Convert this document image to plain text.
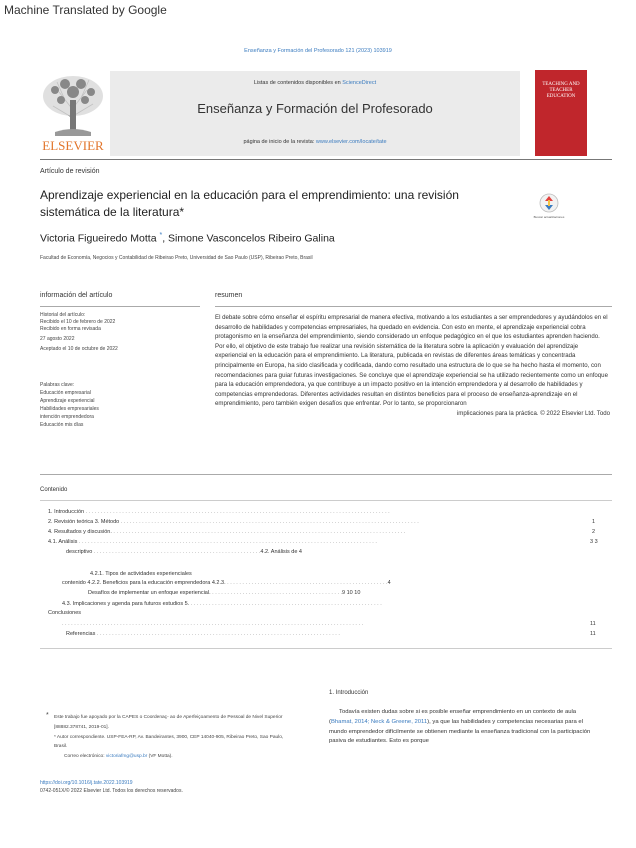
Machine Translated by Google
Enseñanza y Formación del Profesorado 121 (2023) 103919
ELSEVIER
Listas de contenidos disponibles en ScienceDirect
Enseñanza y Formación del Profesorado
página de inicio de la revista: www.elsevier.com/locate/tate
TEACHING AND TEACHER EDUCATION
Artículo de revisión
Aprendizaje experiencial en la educación para el emprendimiento: una revisión sistemática de la literatura*	Buscar actualizaciones
Victoria Figueiredo Motta *, Simone Vasconcelos Ribeiro Galina
Facultad de Economía, Negocios y Contabilidad de Ribeirao Preto, Universidad de Sao Paulo (USP), Ribeirao Preto, Brasil
información del artículo
Historial del artículo:
Recibido el 10 de febrero de 2022
Recibido en forma revisada
27 agosto 2022
Aceptado el 10 de octubre de 2022
Palabras clave:
Educación empresarial
Aprendizaje experiencial
Habilidades empresariales
intención emprendedora
Educación mis días
resumen
El debate sobre cómo enseñar el espíritu empresarial de manera efectiva, motivando a los estudiantes a ser emprendedores y ayudándolos en el desarrollo de habilidades y competencias empresariales, ha quedado en evidencia. Con esto en mente, el aprendizaje experiencial cobra protagonismo en la enseñanza del emprendimiento, siendo considerado un enfoque pedagógico en el que los estudiantes aprenden haciendo. Por ello, el objetivo de este trabajo fue realizar una revisión sistemática de la literatura sobre la aplicación y evaluación del aprendizaje experiencial en la educación para el emprendimiento. La literatura, publicada en revistas de diferentes áreas temáticas y concentrada principalmente en Europa, ha sido clasificada y codificada, dando como resultado una estructura de lo que se ha hecho hasta el momento, con recomendaciones para guiar futuras investigaciones. Se concluye que el aprendizaje experiencial se ha utilizado recientemente como un enfoque para la educación emprendedora, ya que contribuye a un impacto positivo en la intención emprendedora y al desarrollo de habilidades y competencias emprendedoras. Diferentes actividades resultan en distintos beneficios para el proceso de enseñanza-aprendizaje en el emprendimiento, pero también exigen desafíos que enfrentar. Por lo tanto, se proporcionaron
implicaciones para la práctica. © 2022 Elsevier Ltd. Todo
Contenido
1. Introducción . . . . . . . . . . . . . . . . . . . . . . . . . . . . . . . . . . . . . . . . . . . . . . . . . . . . . . . . . . . . . . . . . . . . . . . . . . . . . . . . . . . . . . . . . . . . . . . . . . . .
2. Revisión teórica 3. Método . . . . . . . . . . . . . . . . . . . . . . . . . . . . . . . . . . . . . . . . . . . . . . . . . . . . . . . . . . . . . . . . . . . . . . . . . . . . . . . . . . . . . . . . . . . . . . . . . .	1
4. Resultados y discusión. . . . . . . . . . . . . . . . . . . . . . . . . . . . . . . . . . . . . . . . . . . . . . . . . . . . . . . . . . . . . . . . . . . . . . . . . . . . . . . . . . . . . . . . . . . . . . . . .	2
4.1. Análisis . . . . . . . . . . . . . . . . . . . . . . . . . . . . . . . . . . . . . . . . . . . . . . . . . . . . . . . . . . . . . . . . . . . . . . . . . . . . . . . . . . . . . . . . . . . . . . . . . .	3 3
descriptivo . . . . . . . . . . . . . . . . . . . . . . . . . . . . . . . . . . . . . . . . . . . . . . . . . . . . . . .4.2. Análisis de 4
4.2.1. Tipos de actividades experienciales
contenido 4.2.2. Beneficios para la educación emprendedora 4.2.3. . . . . . . . . . . . . . . . . . . . . . . . . . . . . . . . . . . . . . . . . . . . . . . . . . . . . .4
Desafíos de implementar un enfoque experiencial. . . . . . . . . . . . . . . . . . . . . . . . . . . . . . . . . . . . . . . . . . . .9 10 10
4.3. Implicaciones y agenda para futuros estudios 5. . . . . . . . . . . . . . . . . . . . . . . . . . . . . . . . . . . . . . . . . . . . . . . . . . . . . . . . . . . . . . . .
Conclusiones
. . . . . . . . . . . . . . . . . . . . . . . . . . . . . . . . . . . . . . . . . . . . . . . . . . . . . . . . . . . . . . . . . . . . . . . . . . . . . . . . . . . . . . . . . . . . . . . . . . .	11
Referencias . . . . . . . . . . . . . . . . . . . . . . . . . . . . . . . . . . . . . . . . . . . . . . . . . . . . . . . . . . . . . . . . . . . . . . . . . . . . . . . .	11
* Este trabajo fue apoyado por la CAPES o Coordenaç- ao de Aperfeiçoamento de Pessoal de Nivel Superior [88882.378741, 2019-01].
* Autor correspondiente. USP-FEA-RP, Av. Bandeirantes, 3900, CEP 14040-905, Ribeirao Preto, Sao Paulo, Brasil.
Correo electrónico: victoriafmg@usp.br (VF Motta).
https://doi.org/10.1016/j.tate.2022.103919
0742-051X/© 2022 Elsevier Ltd. Todos los derechos reservados.
1. Introducción
Todavía existen dudas sobre si es posible enseñar emprendimiento en un contexto de aula (Bhamat, 2014; Neck & Greene, 2011), ya que las habilidades y competencias necesarias para el mundo emprendedor difícilmente se obtienen mediante la enseñanza tradicional con la participación pasiva de estudiantes. Esto es porque
